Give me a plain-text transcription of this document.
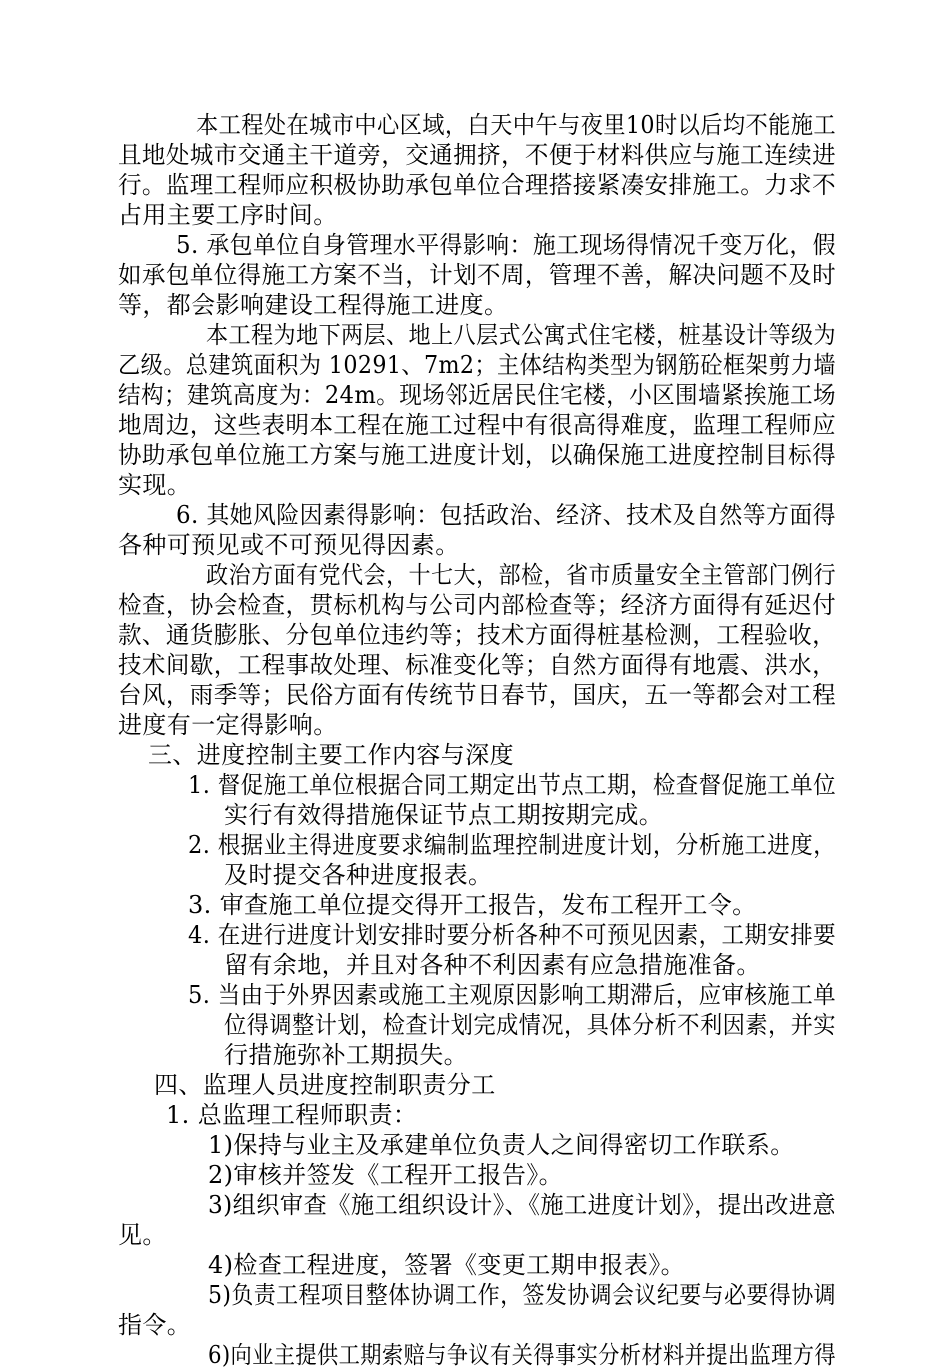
本工程处在城市中心区域，白天中午与夜里10时以后均不能施工
且地处城市交通主干道旁，交通拥挤，不便于材料供应与施工连续进
行。监理工程师应积极协助承包单位合理搭接紧凑安排施工。力求不
占用主要工序时间。
5. 承包单位自身管理水平得影响：施工现场得情况千变万化，假
如承包单位得施工方案不当，计划不周，管理不善，解决问题不及时
等，都会影响建设工程得施工进度。
本工程为地下两层、地上八层式公寓式住宅楼，桩基设计等级为
乙级。总建筑面积为 10291、7m2；主体结构类型为钢筋砼框架剪力墙
结构；建筑高度为：24m。现场邻近居民住宅楼，小区围墙紧挨施工场
地周边，这些表明本工程在施工过程中有很高得难度，监理工程师应
协助承包单位施工方案与施工进度计划，以确保施工进度控制目标得
实现。
6. 其她风险因素得影响：包括政治、经济、技术及自然等方面得
各种可预见或不可预见得因素。
政治方面有党代会，十七大，部检，省市质量安全主管部门例行
检查，协会检查，贯标机构与公司内部检查等；经济方面得有延迟付
款、通货膨胀、分包单位违约等；技术方面得桩基检测，工程验收，
技术间歇，工程事故处理、标准变化等；自然方面得有地震、洪水，
台风，雨季等；民俗方面有传统节日春节，国庆，五一等都会对工程
进度有一定得影响。
三、进度控制主要工作内容与深度
1. 督促施工单位根据合同工期定出节点工期，检查督促施工单位
实行有效得措施保证节点工期按期完成。
2. 根据业主得进度要求编制监理控制进度计划，分析施工进度，
及时提交各种进度报表。
3. 审查施工单位提交得开工报告，发布工程开工令。
4. 在进行进度计划安排时要分析各种不可预见因素，工期安排要
留有余地，并且对各种不利因素有应急措施准备。
5. 当由于外界因素或施工主观原因影响工期滞后，应审核施工单
位得调整计划，检查计划完成情况，具体分析不利因素，并实
行措施弥补工期损失。
四、监理人员进度控制职责分工
1. 总监理工程师职责：
1)保持与业主及承建单位负责人之间得密切工作联系。
2)审核并签发《工程开工报告》。
3)组织审查《施工组织设计》、《施工进度计划》，提出改进意
见。
4)检查工程进度，签署《变更工期申报表》。
5)负责工程项目整体协调工作，签发协调会议纪要与必要得协调
指令。
6)向业主提供工期索赔与争议有关得事实分析材料并提出监理方得
